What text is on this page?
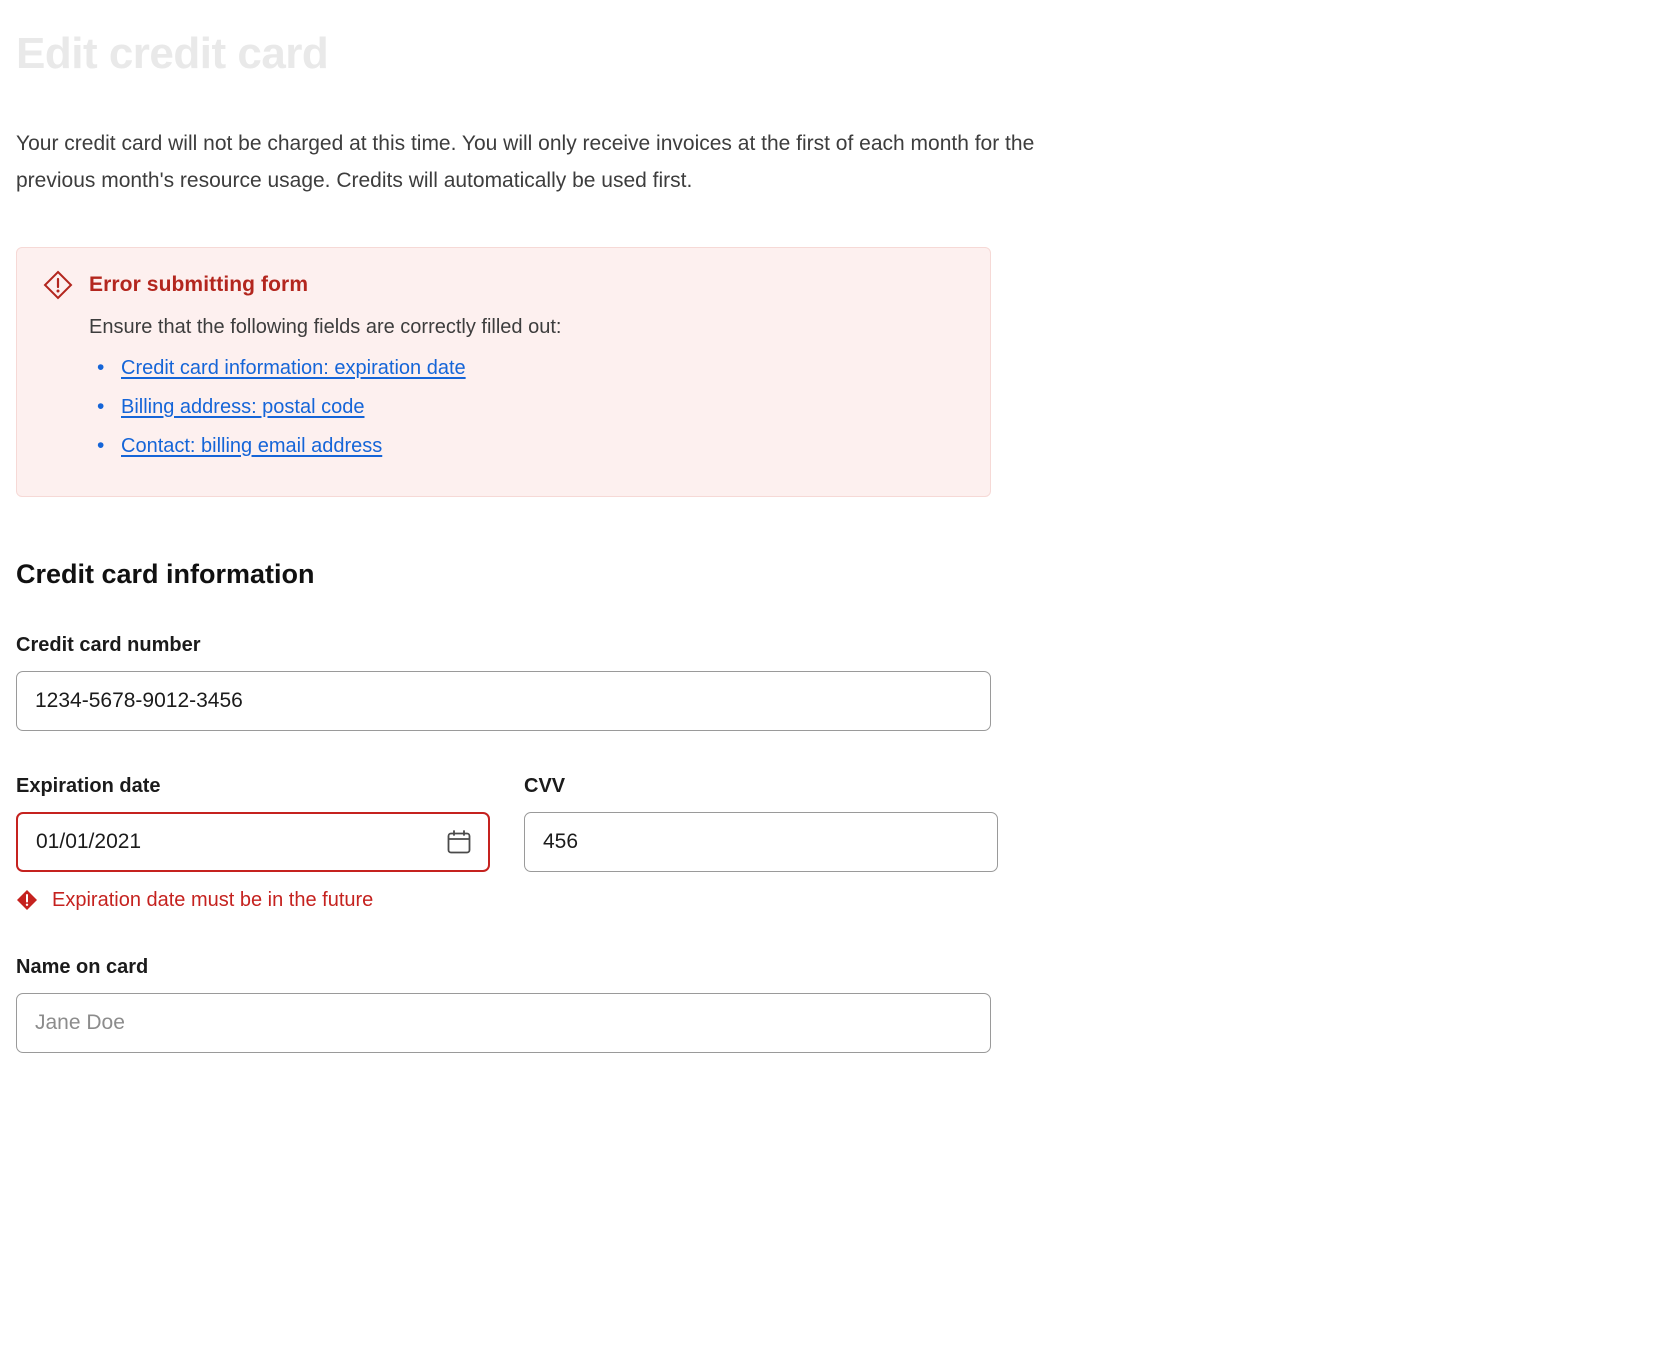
Edit credit card

Your credit card will not be charged at this time. You will only receive invoices at the first of each month for the previous month's resource usage. Credits will automatically be used first.

Error submitting form
Ensure that the following fields are correctly filled out:
• Credit card information: expiration date
• Billing address: postal code
• Contact: billing email address
Credit card information
Credit card number
1234-5678-9012-3456
Expiration date
01/01/2021
Expiration date must be in the future
CVV
456
Name on card
Jane Doe
